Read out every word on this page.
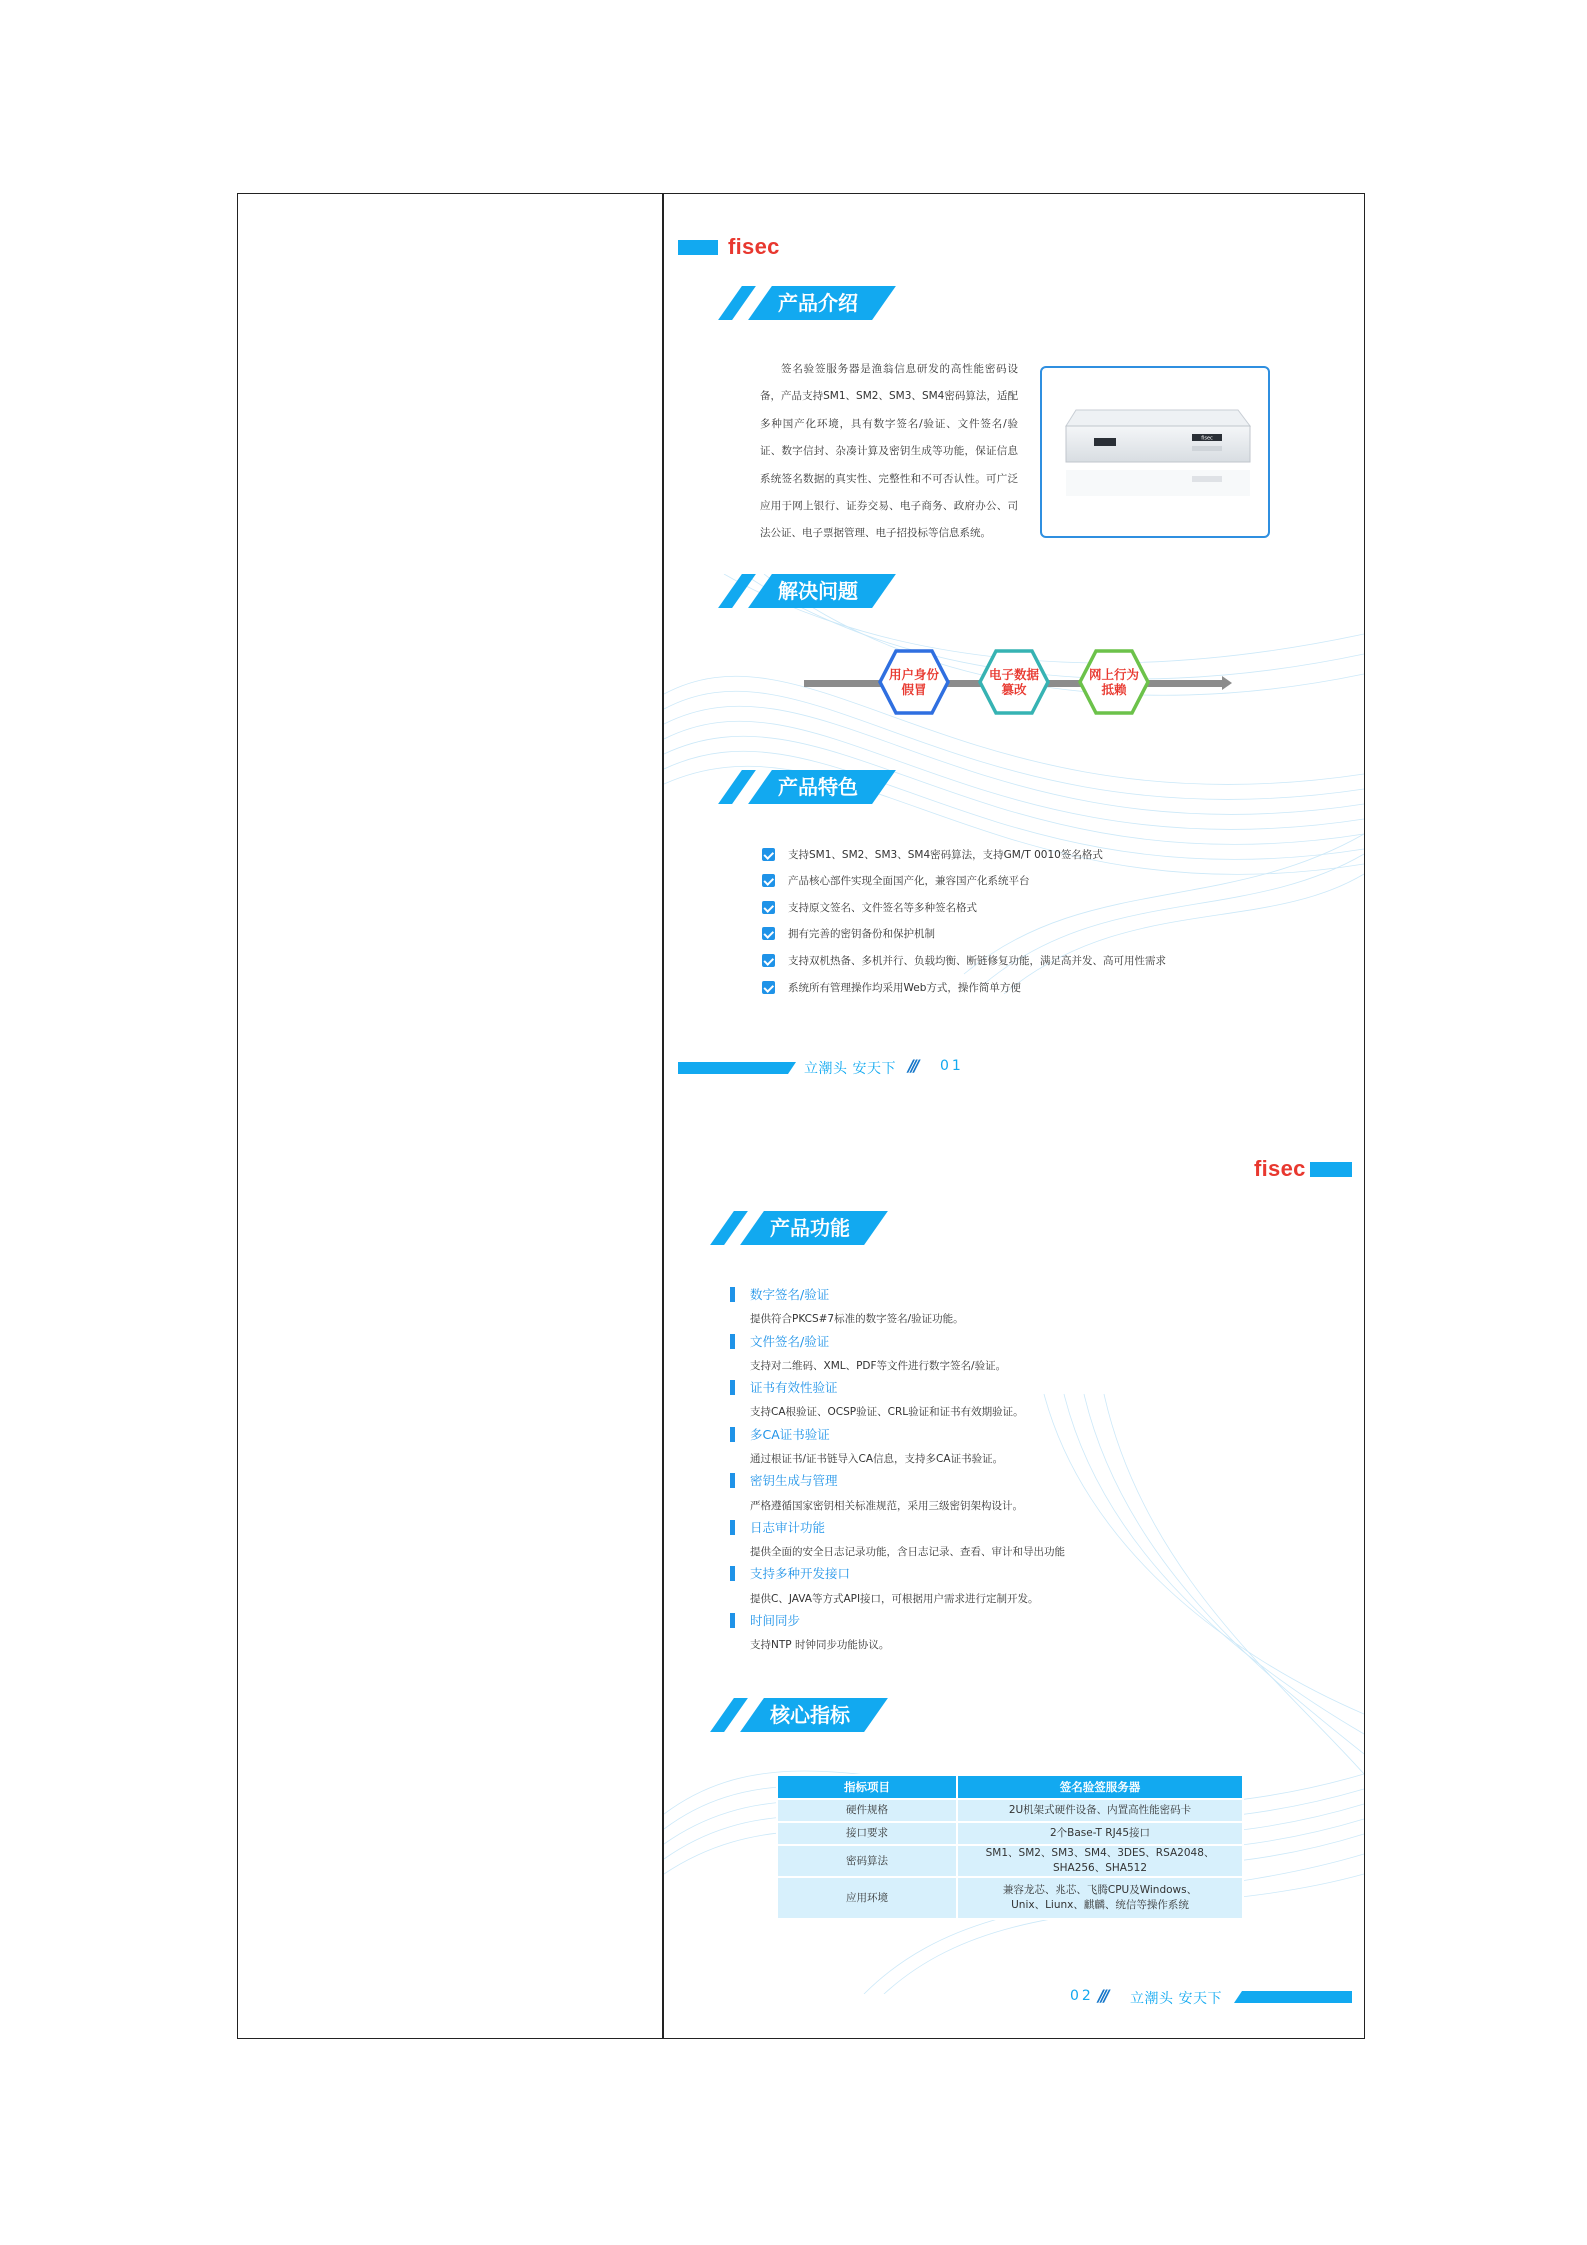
fisec
产品介绍
签名验签服务器是渔翁信息研发的高性能密码设备，产品支持SM1、SM2、SM3、SM4密码算法，适配多种国产化环境，具有数字签名/验证、文件签名/验证、数字信封、杂凑计算及密钥生成等功能，保证信息系统签名数据的真实性、完整性和不可否认性。可广泛应用于网上银行、证券交易、电子商务、政府办公、司法公证、电子票据管理、电子招投标等信息系统。
fisec
解决问题
用户身份
假冒
电子数据
篡改
网上行为
抵赖
产品特色
支持SM1、SM2、SM3、SM4密码算法，支持GM/T 0010签名格式
产品核心部件实现全面国产化，兼容国产化系统平台
支持原文签名、文件签名等多种签名格式
拥有完善的密钥备份和保护机制
支持双机热备、多机并行、负载均衡、断链修复功能，满足高并发、高可用性需求
系统所有管理操作均采用Web方式，操作简单方便
立潮头 安天下 /// 01
fisec
产品功能
数字签名/验证
提供符合PKCS#7标准的数字签名/验证功能。
文件签名/验证
支持对二维码、XML、PDF等文件进行数字签名/验证。
证书有效性验证
支持CA根验证、OCSP验证、CRL验证和证书有效期验证。
多CA证书验证
通过根证书/证书链导入CA信息，支持多CA证书验证。
密钥生成与管理
严格遵循国家密钥相关标准规范，采用三级密钥架构设计。
日志审计功能
提供全面的安全日志记录功能，含日志记录、查看、审计和导出功能
支持多种开发接口
提供C、JAVA等方式API接口，可根据用户需求进行定制开发。
时间同步
支持NTP 时钟同步功能协议。
核心指标
指标项目	签名验签服务器
硬件规格	2U机架式硬件设备、内置高性能密码卡
接口要求	2个Base-T RJ45接口
密码算法	SM1、SM2、SM3、SM4、3DES、RSA2048、SHA256、SHA512
应用环境	兼容龙芯、兆芯、飞腾CPU及Windows、Unix、Liunx、麒麟、统信等操作系统
02 /// 立潮头 安天下
